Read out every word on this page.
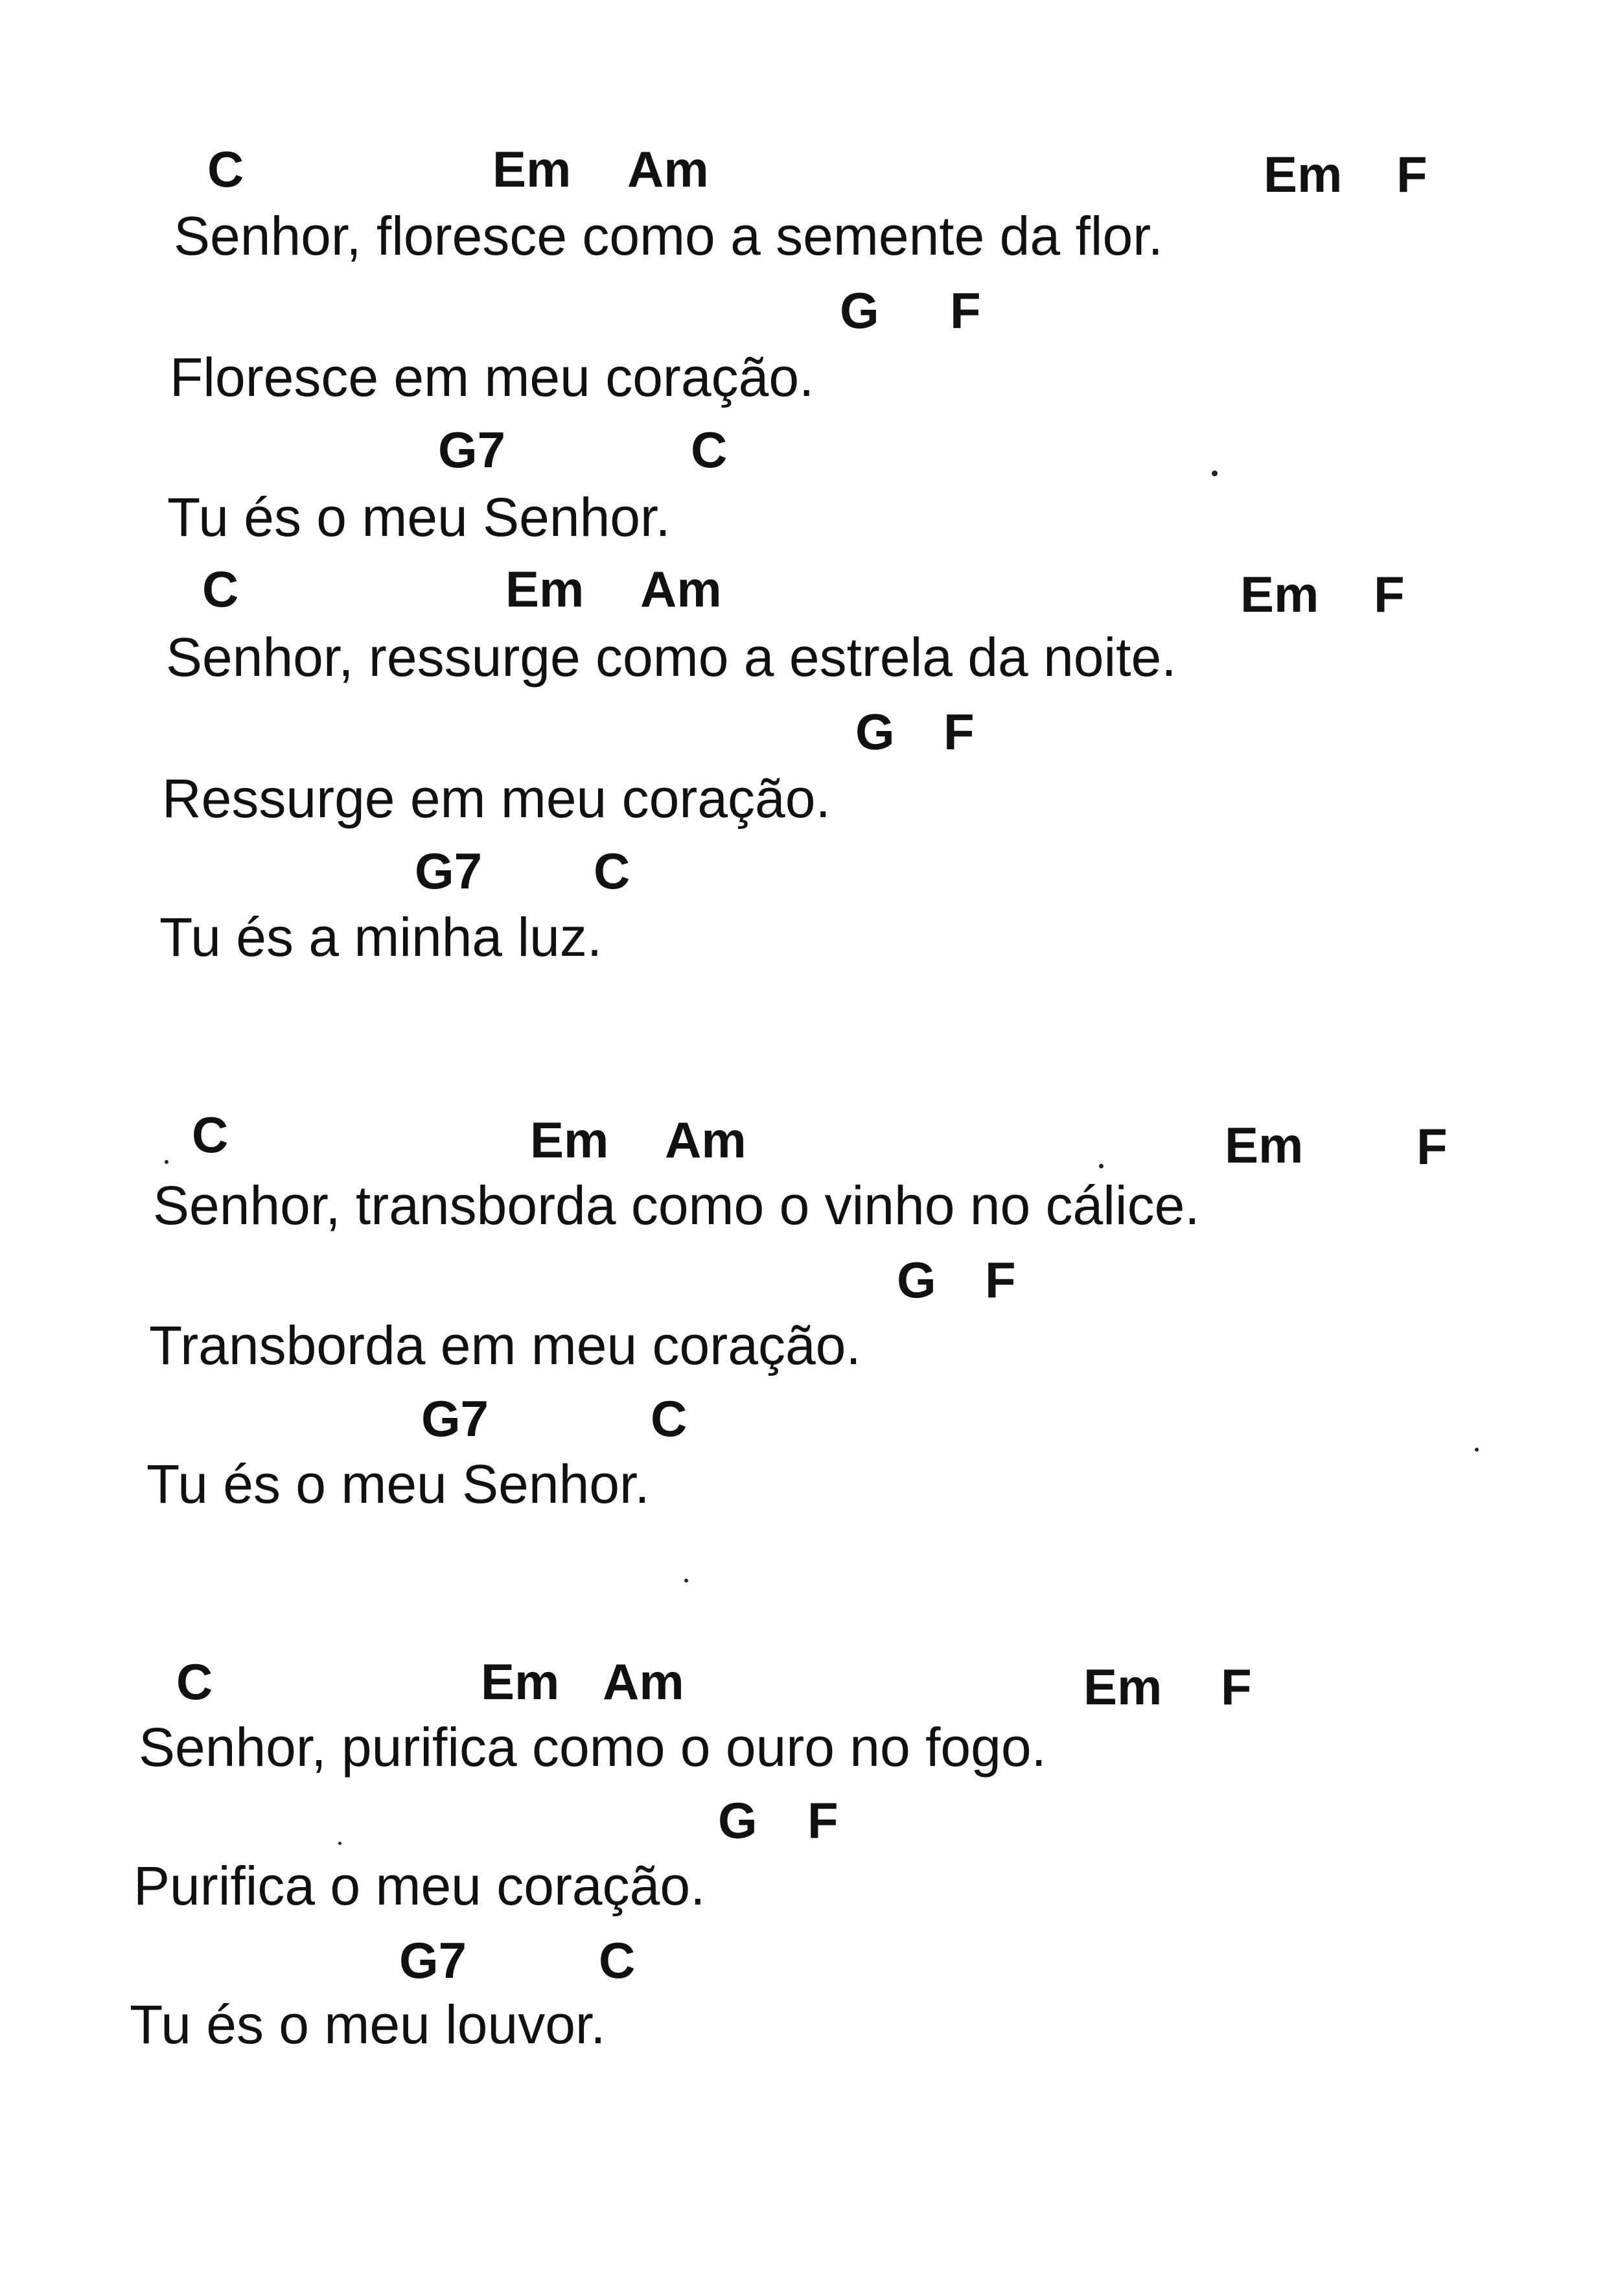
C	Em Am	Em F
Senhor, floresce como a semente da flor.
G F
Floresce em meu coração.
G7	C
Tu és o meu Senhor.
C	Em Am	Em F
Senhor, ressurge como a estrela da noite.
G F
Ressurge em meu coração.
G7 C
Tu és a minha luz.
C	Em Am	Em F
Senhor, transborda como o vinho no cálice.
G F
Transborda em meu coração.
G7	C
Tu és o meu Senhor.
C	Em Am	Em F
Senhor, purifica como o ouro no fogo.
G F
Purifica o meu coração.
G7	C
Tu és o meu louvor.
